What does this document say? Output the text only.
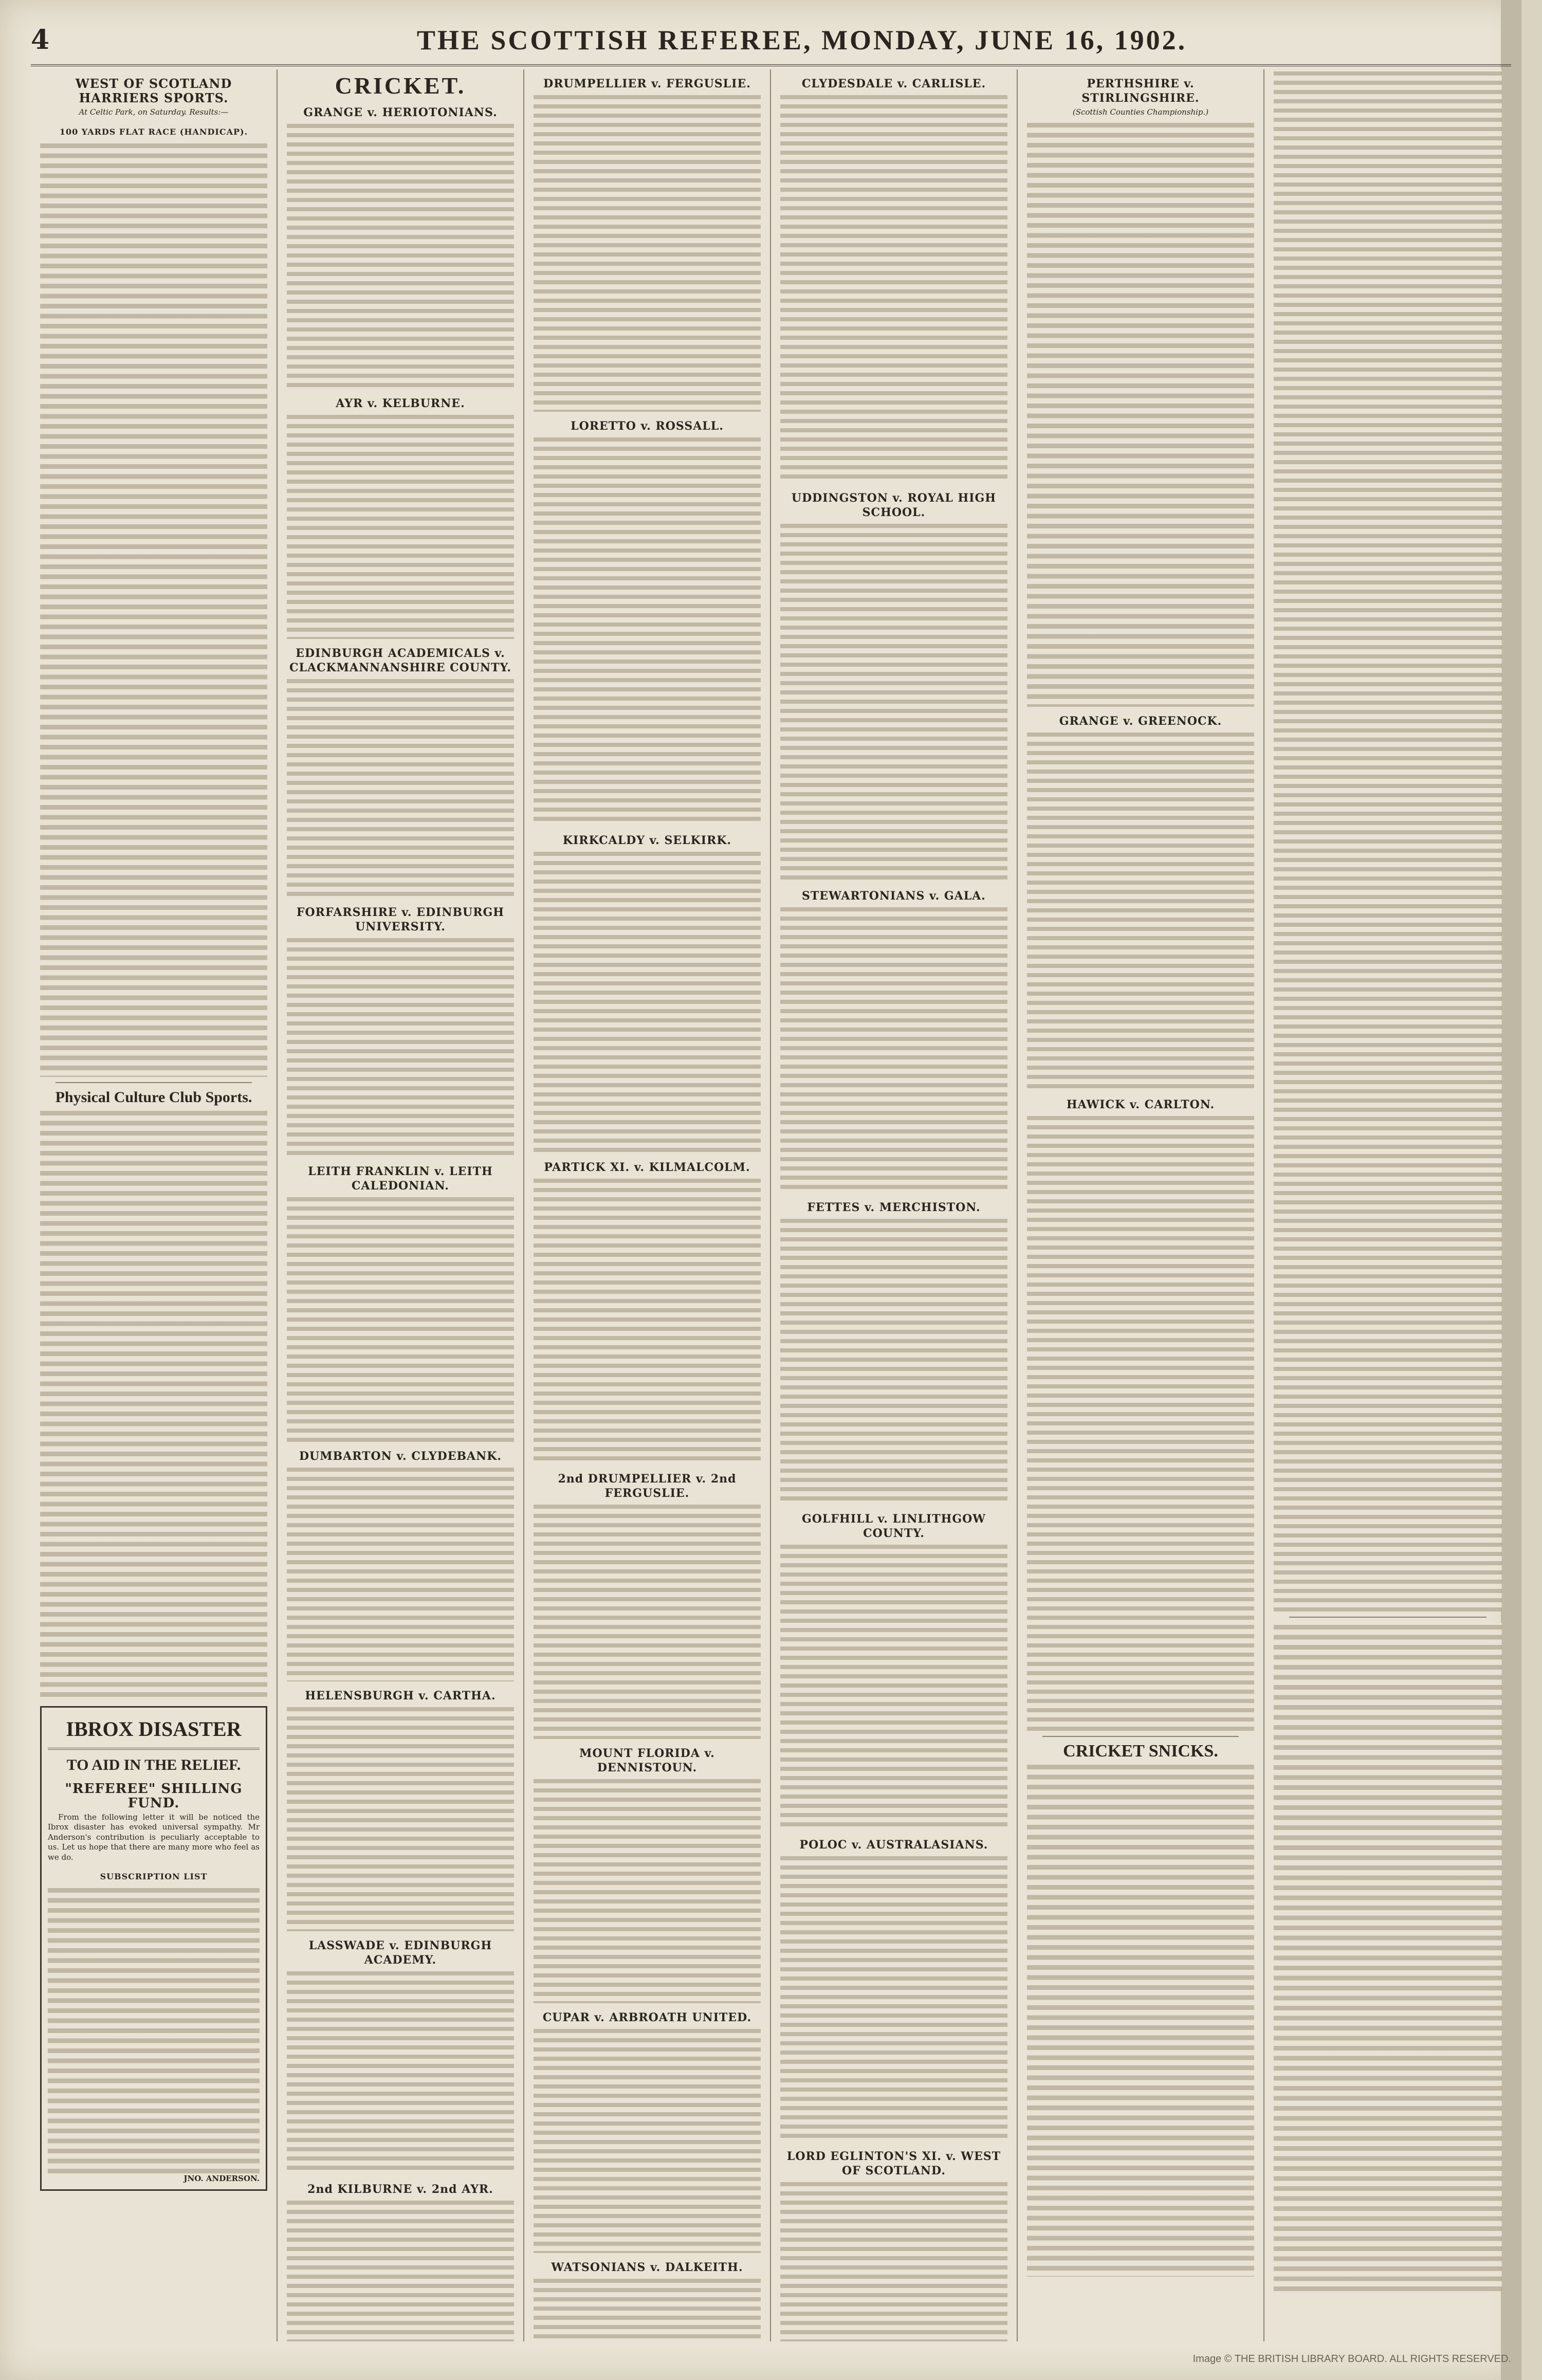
4	THE SCOTTISH REFEREE, MONDAY, JUNE 16, 1902.
WEST OF SCOTLAND HARRIERS SPORTS.
At Celtic Park, on Saturday. Results:—
100 YARDS FLAT RACE (HANDICAP).
Physical Culture Club Sports.
IBROX DISASTER
TO AID IN THE RELIEF.
"REFEREE" SHILLING FUND.

From the following letter it will be noticed the Ibrox disaster has evoked universal sympathy. Mr Anderson's contribution is peculiarly acceptable to us. Let us hope that there are many more who feel as we do.

SUBSCRIPTION LIST
JNO. ANDERSON.
CRICKET.
GRANGE v. HERIOTONIANS.
AYR v. KELBURNE.
EDINBURGH ACADEMICALS v. CLACKMANNANSHIRE COUNTY.
FORFARSHIRE v. EDINBURGH UNIVERSITY.
LEITH FRANKLIN v. LEITH CALEDONIAN.
DUMBARTON v. CLYDEBANK.
HELENSBURGH v. CARTHA.
LASSWADE v. EDINBURGH ACADEMY.
2nd KILBURNE v. 2nd AYR.
DRUMPELLIER v. FERGUSLIE.
LORETTO v. ROSSALL.
KIRKCALDY v. SELKIRK.
PARTICK XI. v. KILMALCOLM.
2nd DRUMPELLIER v. 2nd FERGUSLIE.
MOUNT FLORIDA v. DENNISTOUN.
CUPAR v. ARBROATH UNITED.
WATSONIANS v. DALKEITH.
CLYDESDALE v. CARLISLE.
UDDINGSTON v. ROYAL HIGH SCHOOL.
STEWARTONIANS v. GALA.
FETTES v. MERCHISTON.
GOLFHILL v. LINLITHGOW COUNTY.
POLOC v. AUSTRALASIANS.
LORD EGLINTON'S XI. v. WEST OF SCOTLAND.
PERTHSHIRE v. STIRLINGSHIRE.
(Scottish Counties Championship.)
GRANGE v. GREENOCK.
HAWICK v. CARLTON.
CRICKET SNICKS.
Image © THE BRITISH LIBRARY BOARD. ALL RIGHTS RESERVED.
